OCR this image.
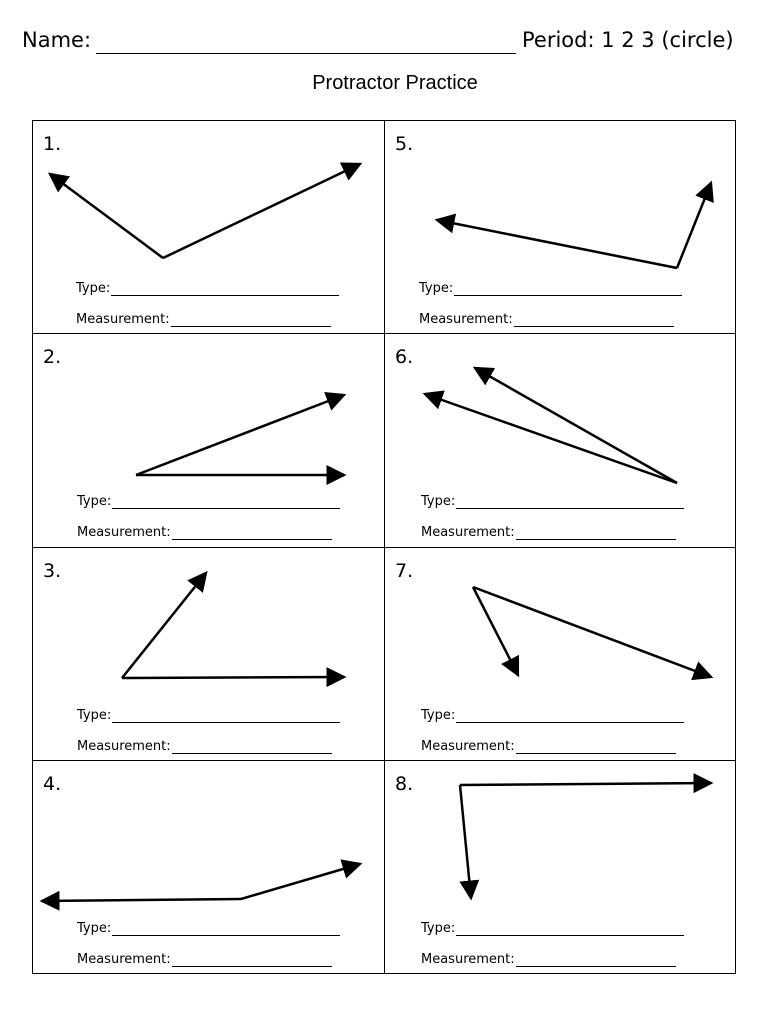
Name:	Period: 1 2 3 (circle)
Protractor Practice
1.
Type:
Measurement:
5.
Type:
Measurement:
2.
Type:
Measurement:
6.
Type:
Measurement:
3.
Type:
Measurement:
7.
Type:
Measurement:
4.
Type:
Measurement:
8.
Type:
Measurement:
